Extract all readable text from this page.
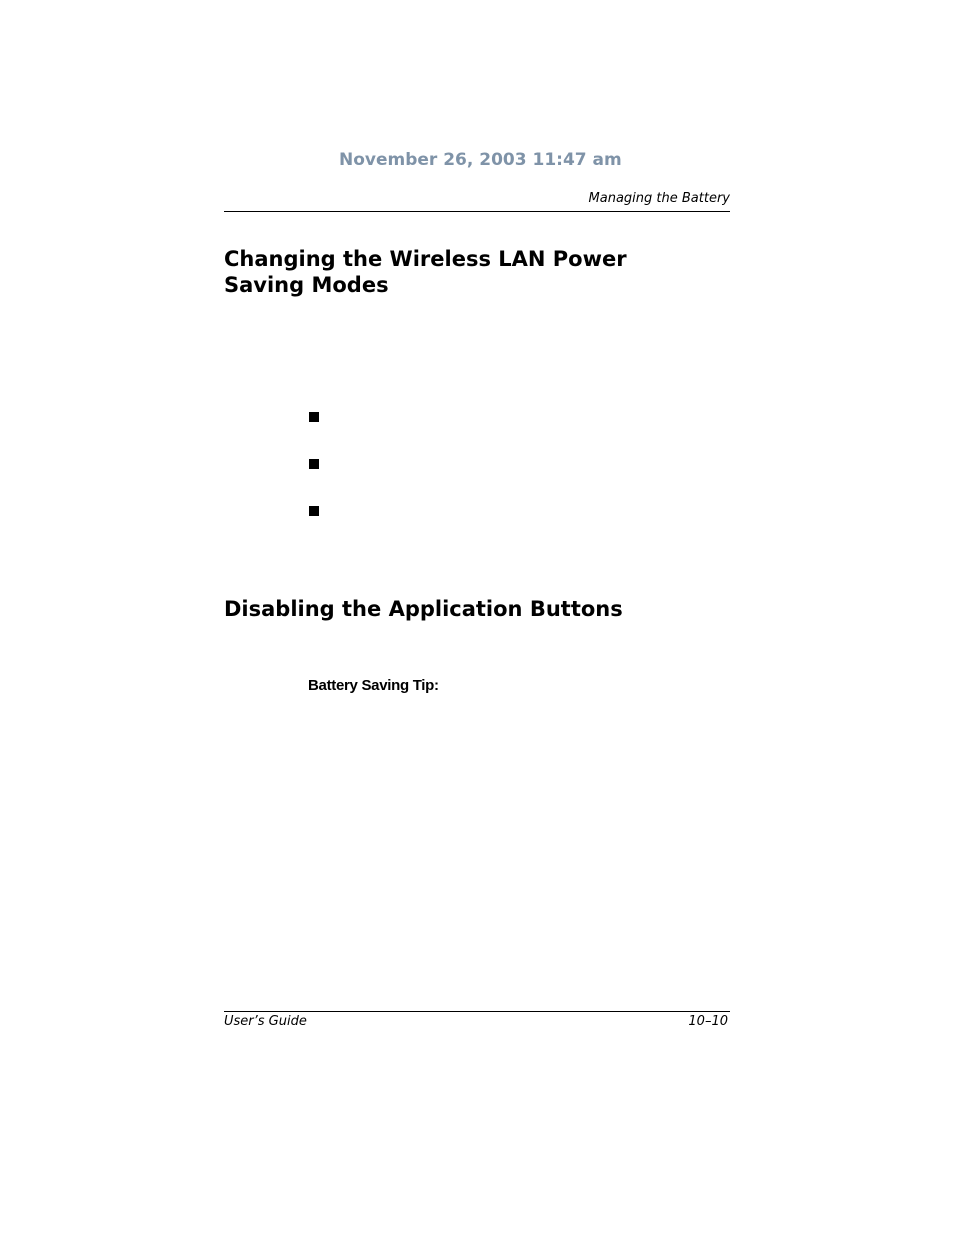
November 26, 2003 11:47 am
Managing the Battery
Changing the Wireless LAN Power Saving Modes
Disabling the Application Buttons
Battery Saving Tip:
User’s Guide	10–10
